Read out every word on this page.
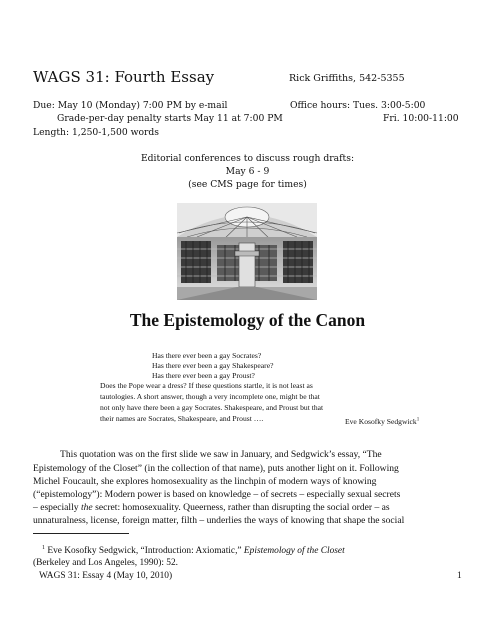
WAGS 31: Fourth Essay	Rick Griffiths, 542-5355
Due: May 10 (Monday) 7:00 PM by e-mail
Grade-per-day penalty starts May 11 at 7:00 PM
Length: 1,250-1,500 words
Office hours: Tues. 3:00-5:00
Fri. 10:00-11:00
Editorial conferences to discuss rough drafts:
May 6 - 9
(see CMS page for times)
The Epistemology of the Canon
Has there ever been a gay Socrates?
Has there ever been a gay Shakespeare?
Has there ever been a gay Proust?
Does the Pope wear a dress? If these questions startle, it is not least as
tautologies. A short answer, though a very incomplete one, might be that
not only have there been a gay Socrates. Shakespeare, and Proust but that
their names are Socrates, Shakespeare, and Proust ….	Eve Kosofky Sedgwick$^1$
This quotation was on the first slide we saw in January, and Sedgwick’s essay, “The
Epistemology of the Closet” (in the collection of that name), puts another light on it. Following
Michel Foucault, she explores homosexuality as the linchpin of modern ways of knowing
(“epistemology”): Modern power is based on knowledge – of secrets – especially sexual secrets
– especially the secret: homosexuality. Queerness, rather than disrupting the social order – as
unnaturalness, license, foreign matter, filth – underlies the ways of knowing that shape the social
$^1$ Eve Kosofky Sedgwick, “Introduction: Axiomatic,” Epistemology of the Closet
(Berkeley and Los Angeles, 1990): 52.
WAGS 31: Essay 4 (May 10, 2010)	1
